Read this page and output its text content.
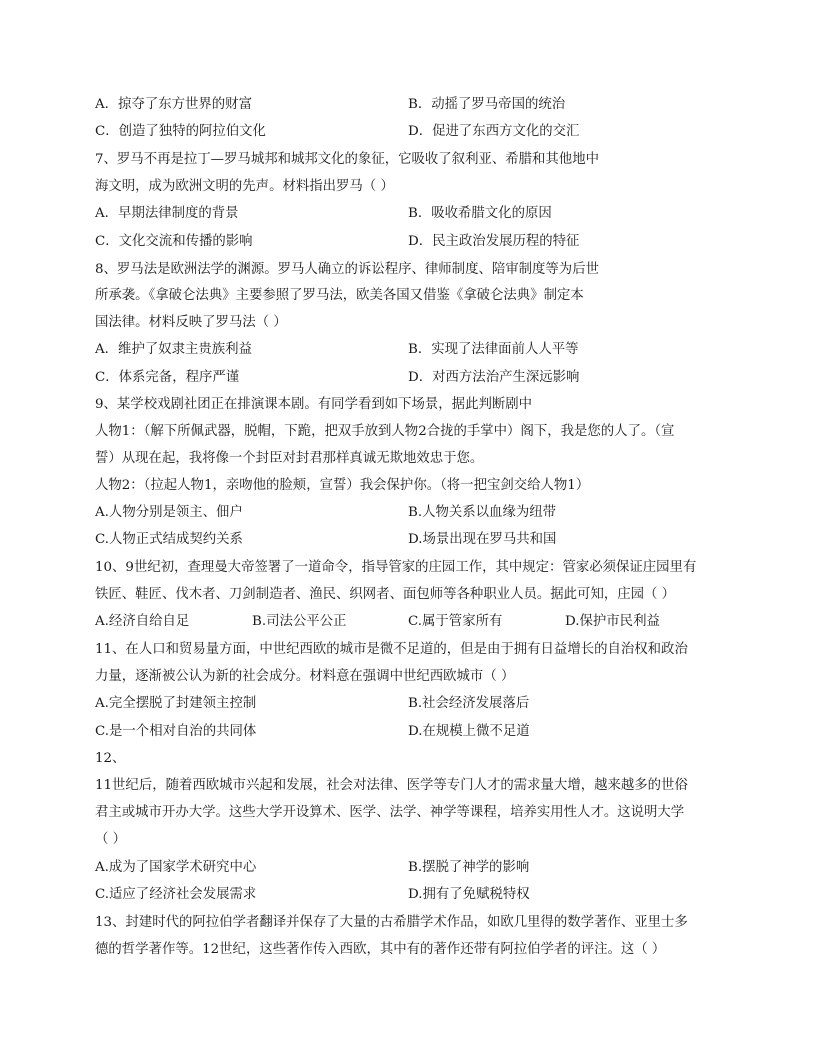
A．掠夺了东方世界的财富	B．动摇了罗马帝国的统治
C．创造了独特的阿拉伯文化	D．促进了东西方文化的交汇
7、罗马不再是拉丁—罗马城邦和城邦文化的象征，它吸收了叙利亚、希腊和其他地中
海文明，成为欧洲文明的先声。材料指出罗马（ ）
A．早期法律制度的背景	B．吸收希腊文化的原因
C．文化交流和传播的影响	D．民主政治发展历程的特征
8、罗马法是欧洲法学的渊源。罗马人确立的诉讼程序、律师制度、陪审制度等为后世
所承袭。《拿破仑法典》主要参照了罗马法，欧美各国又借鉴《拿破仑法典》制定本
国法律。材料反映了罗马法（ ）
A．维护了奴隶主贵族利益	B．实现了法律面前人人平等
C．体系完备，程序严谨	D．对西方法治产生深远影响
9、某学校戏剧社团正在排演课本剧。有同学看到如下场景，据此判断剧中
人物1：（解下所佩武器，脱帽，下跪，把双手放到人物2合拢的手掌中）阁下，我是您的人了。（宣
誓）从现在起，我将像一个封臣对封君那样真诚无欺地效忠于您。
人物2：（拉起人物1，亲吻他的脸颊，宣誓）我会保护你。（将一把宝剑交给人物1）
A.人物分别是领主、佃户	B.人物关系以血缘为纽带
C.人物正式结成契约关系	D.场景出现在罗马共和国
10、9世纪初，查理曼大帝签署了一道命令，指导管家的庄园工作，其中规定：管家必须保证庄园里有
铁匠、鞋匠、伐木者、刀剑制造者、渔民、织网者、面包师等各种职业人员。据此可知，庄园（ ）
A.经济自给自足	B.司法公平公正	C.属于管家所有	D.保护市民利益
11、在人口和贸易量方面，中世纪西欧的城市是微不足道的，但是由于拥有日益增长的自治权和政治
力量，逐渐被公认为新的社会成分。材料意在强调中世纪西欧城市（ ）
A.完全摆脱了封建领主控制	B.社会经济发展落后
C.是一个相对自治的共同体	D.在规模上微不足道
12、
11世纪后，随着西欧城市兴起和发展，社会对法律、医学等专门人才的需求量大增，越来越多的世俗
君主或城市开办大学。这些大学开设算术、医学、法学、神学等课程，培养实用性人才。这说明大学
（ ）
A.成为了国家学术研究中心	B.摆脱了神学的影响
C.适应了经济社会发展需求	D.拥有了免赋税特权
13、封建时代的阿拉伯学者翻译并保存了大量的古希腊学术作品，如欧几里得的数学著作、亚里士多
德的哲学著作等。12世纪，这些著作传入西欧，其中有的著作还带有阿拉伯学者的评注。这（ ）
